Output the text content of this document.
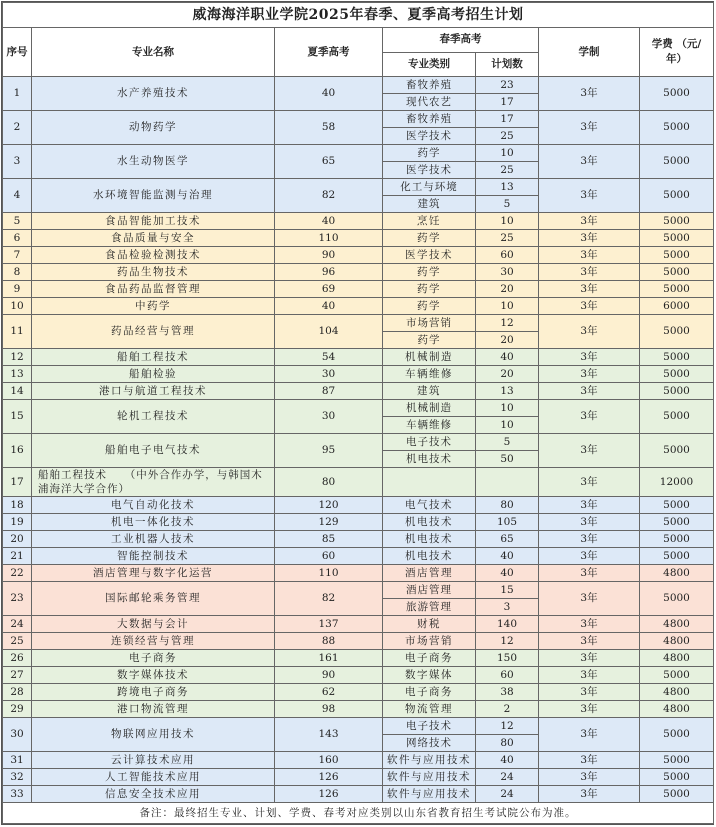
威海海洋职业学院2025年春季、夏季高考招生计划						
序号	专业名称	夏季高考	春季高考		学制	学费 （元/年）
			专业类别	计划数		
1	水产养殖技术	40	畜牧养殖	23	3年	5000
			现代农艺	17		
2	动物药学	58	畜牧养殖	17	3年	5000
			医学技术	25		
3	水生动物医学	65	药学	10	3年	5000
			医学技术	25		
4	水环境智能监测与治理	82	化工与环境	13	3年	5000
			建筑	5		
5	食品智能加工技术	40	烹饪	10	3年	5000
6	食品质量与安全	110	药学	25	3年	5000
7	食品检验检测技术	90	医学技术	60	3年	5000
8	药品生物技术	96	药学	30	3年	5000
9	食品药品监督管理	69	药学	20	3年	5000
10	中药学	40	药学	10	3年	6000
11	药品经营与管理	104	市场营销	12	3年	5000
			药学	20		
12	船舶工程技术	54	机械制造	40	3年	5000
13	船舶检验	30	车辆维修	20	3年	5000
14	港口与航道工程技术	87	建筑	13	3年	5000
15	轮机工程技术	30	机械制造	10	3年	5000
			车辆维修	10		
16	船舶电子电气技术	95	电子技术	5	3年	5000
			机电技术	50		
17	船舶工程技术　　（中外合作办学，与韩国木浦海洋大学合作）	80			3年	12000
18	电气自动化技术	120	电气技术	80	3年	5000
19	机电一体化技术	129	机电技术	105	3年	5000
20	工业机器人技术	85	机电技术	65	3年	5000
21	智能控制技术	60	机电技术	40	3年	5000
22	酒店管理与数字化运营	110	酒店管理	40	3年	4800
23	国际邮轮乘务管理	82	酒店管理	15	3年	5000
			旅游管理	3		
24	大数据与会计	137	财税	140	3年	4800
25	连锁经营与管理	88	市场营销	12	3年	4800
26	电子商务	161	电子商务	150	3年	4800
27	数字媒体技术	90	数字媒体	60	3年	5000
28	跨境电子商务	62	电子商务	38	3年	4800
29	港口物流管理	98	物流管理	2	3年	4800
30	物联网应用技术	143	电子技术	12	3年	5000
			网络技术	80		
31	云计算技术应用	160	软件与应用技术	40	3年	5000
32	人工智能技术应用	126	软件与应用技术	24	3年	5000
33	信息安全技术应用	126	软件与应用技术	24	3年	5000
备注：最终招生专业、计划、学费、春考对应类别以山东省教育招生考试院公布为准。						
